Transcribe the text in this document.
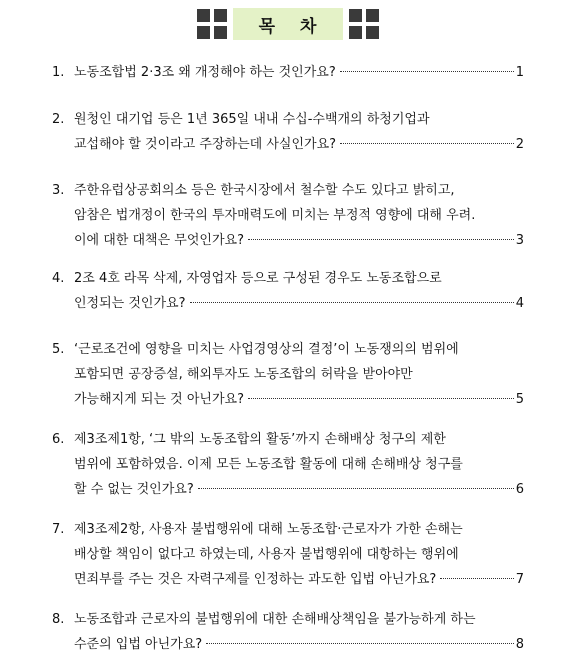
목 차
1. 노동조합법 2·3조 왜 개정해야 하는 것인가요?	1
2. 원청인 대기업 등은 1년 365일 내내 수십-수백개의 하청기업과
교섭해야 할 것이라고 주장하는데 사실인가요?	2
3. 주한유럽상공회의소 등은 한국시장에서 철수할 수도 있다고 밝히고,
암참은 법개정이 한국의 투자매력도에 미치는 부정적 영향에 대해 우려.
이에 대한 대책은 무엇인가요?	3
4. 2조 4호 라목 삭제, 자영업자 등으로 구성된 경우도 노동조합으로
인정되는 것인가요?	4
5. ‘근로조건에 영향을 미치는 사업경영상의 결정’이 노동쟁의의 범위에
포함되면 공장증설, 해외투자도 노동조합의 허락을 받아야만
가능해지게 되는 것 아닌가요?	5
6. 제3조제1항, ‘그 밖의 노동조합의 활동’까지 손해배상 청구의 제한
범위에 포함하였음. 이제 모든 노동조합 활동에 대해 손해배상 청구를
할 수 없는 것인가요?	6
7. 제3조제2항, 사용자 불법행위에 대해 노동조합·근로자가 가한 손해는
배상할 책임이 없다고 하였는데, 사용자 불법행위에 대항하는 행위에
면죄부를 주는 것은 자력구제를 인정하는 과도한 입법 아닌가요?	7
8. 노동조합과 근로자의 불법행위에 대한 손해배상책임을 불가능하게 하는
수준의 입법 아닌가요?	8
